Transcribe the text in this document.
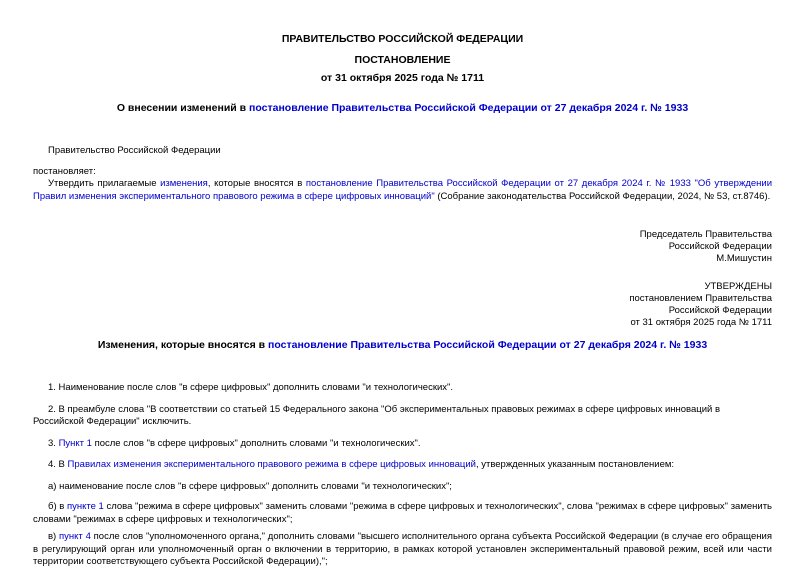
ПРАВИТЕЛЬСТВО РОССИЙСКОЙ ФЕДЕРАЦИИ
ПОСТАНОВЛЕНИЕ
от 31 октября 2025 года № 1711
О внесении изменений в постановление Правительства Российской Федерации от 27 декабря 2024 г. № 1933
Правительство Российской Федерации
постановляет:
Утвердить прилагаемые изменения, которые вносятся в постановление Правительства Российской Федерации от 27 декабря 2024 г. № 1933 "Об утверждении Правил изменения экспериментального правового режима в сфере цифровых инноваций" (Собрание законодательства Российской Федерации, 2024, № 53, ст.8746).
Председатель Правительства
Российской Федерации
М.Мишустин
УТВЕРЖДЕНЫ
постановлением Правительства
Российской Федерации
от 31 октября 2025 года № 1711
Изменения, которые вносятся в постановление Правительства Российской Федерации от 27 декабря 2024 г. № 1933
1. Наименование после слов "в сфере цифровых" дополнить словами "и технологических".
2. В преамбуле слова "В соответствии со статьей 15 Федерального закона "Об экспериментальных правовых режимах в сфере цифровых инноваций в Российской Федерации" исключить.
3. Пункт 1 после слов "в сфере цифровых" дополнить словами "и технологических".
4. В Правилах изменения экспериментального правового режима в сфере цифровых инноваций, утвержденных указанным постановлением:
а) наименование после слов "в сфере цифровых" дополнить словами "и технологических";
б) в пункте 1 слова "режима в сфере цифровых" заменить словами "режима в сфере цифровых и технологических", слова "режимах в сфере цифровых" заменить словами "режимах в сфере цифровых и технологических";
в) пункт 4 после слов "уполномоченного органа," дополнить словами "высшего исполнительного органа субъекта Российской Федерации (в случае его обращения в регулирующий орган или уполномоченный орган о включении в территорию, в рамках которой установлен экспериментальный правовой режим, всей или части территории соответствующего субъекта Российской Федерации),";
